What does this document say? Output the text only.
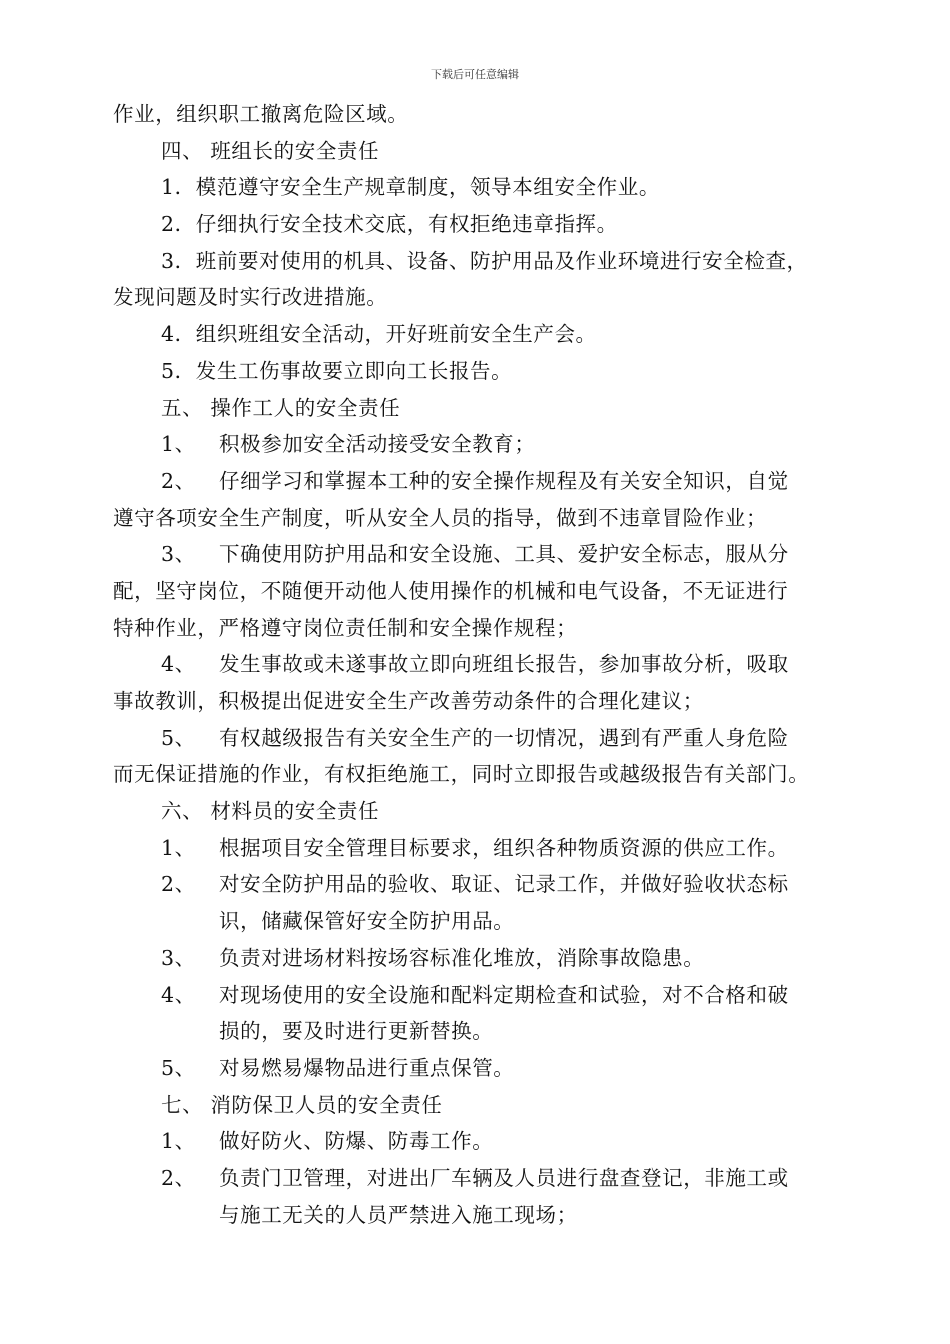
下载后可任意编辑
作业，组织职工撤离危险区域。
四、 班组长的安全责任
1．模范遵守安全生产规章制度，领导本组安全作业。
2．仔细执行安全技术交底，有权拒绝违章指挥。
3．班前要对使用的机具、设备、防护用品及作业环境进行安全检查，
发现问题及时实行改进措施。
4．组织班组安全活动，开好班前安全生产会。
5．发生工伤事故要立即向工长报告。
五、 操作工人的安全责任
1、 积极参加安全活动接受安全教育；
2、 仔细学习和掌握本工种的安全操作规程及有关安全知识，自觉
遵守各项安全生产制度，听从安全人员的指导，做到不违章冒险作业；
3、 下确使用防护用品和安全设施、工具、爱护安全标志，服从分
配，坚守岗位，不随便开动他人使用操作的机械和电气设备，不无证进行
特种作业，严格遵守岗位责任制和安全操作规程；
4、 发生事故或未遂事故立即向班组长报告，参加事故分析，吸取
事故教训，积极提出促进安全生产改善劳动条件的合理化建议；
5、 有权越级报告有关安全生产的一切情况，遇到有严重人身危险
而无保证措施的作业，有权拒绝施工，同时立即报告或越级报告有关部门。
六、 材料员的安全责任
1、 根据项目安全管理目标要求，组织各种物质资源的供应工作。
2、 对安全防护用品的验收、取证、记录工作，并做好验收状态标
识，储藏保管好安全防护用品。
3、 负责对进场材料按场容标准化堆放，消除事故隐患。
4、 对现场使用的安全设施和配料定期检查和试验，对不合格和破
损的，要及时进行更新替换。
5、 对易燃易爆物品进行重点保管。
七、 消防保卫人员的安全责任
1、 做好防火、防爆、防毒工作。
2、 负责门卫管理，对进出厂车辆及人员进行盘查登记，非施工或
与施工无关的人员严禁进入施工现场；
